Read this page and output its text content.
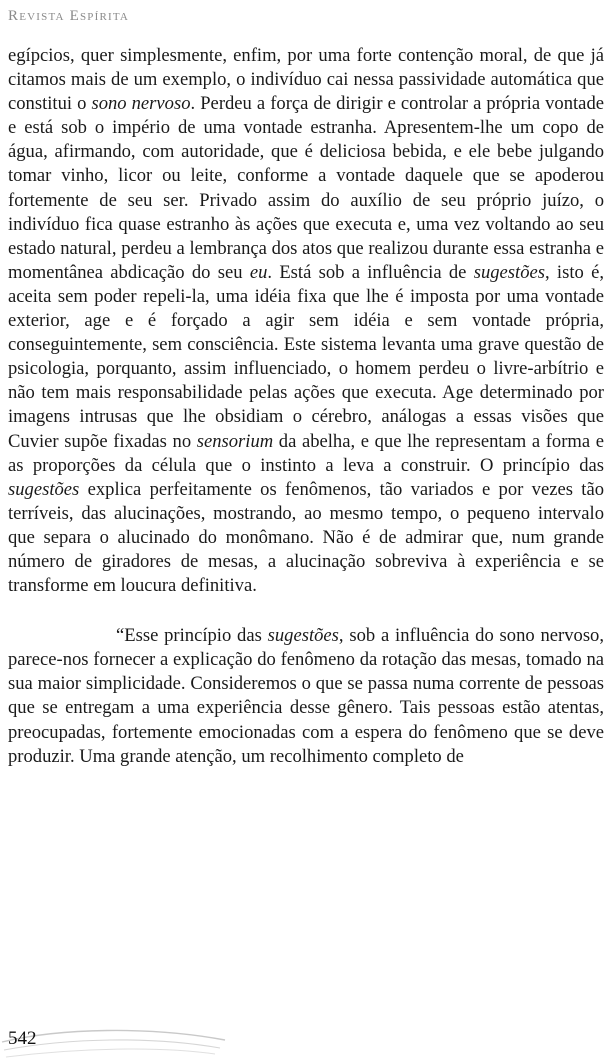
Revista Espírita

egípcios, quer simplesmente, enfim, por uma forte contenção moral, de que já citamos mais de um exemplo, o indivíduo cai nessa passividade automática que constitui o sono nervoso. Perdeu a força de dirigir e controlar a própria vontade e está sob o império de uma vontade estranha. Apresentem-lhe um copo de água, afirmando, com autoridade, que é deliciosa bebida, e ele bebe julgando tomar vinho, licor ou leite, conforme a vontade daquele que se apoderou fortemente de seu ser. Privado assim do auxílio de seu próprio juízo, o indivíduo fica quase estranho às ações que executa e, uma vez voltando ao seu estado natural, perdeu a lembrança dos atos que realizou durante essa estranha e momentânea abdicação do seu eu. Está sob a influência de sugestões, isto é, aceita sem poder repeli-la, uma idéia fixa que lhe é imposta por uma vontade exterior, age e é forçado a agir sem idéia e sem vontade própria, conseguintemente, sem consciência. Este sistema levanta uma grave questão de psicologia, porquanto, assim influenciado, o homem perdeu o livre-arbítrio e não tem mais responsabilidade pelas ações que executa. Age determinado por imagens intrusas que lhe obsidiam o cérebro, análogas a essas visões que Cuvier supõe fixadas no sensorium da abelha, e que lhe representam a forma e as proporções da célula que o instinto a leva a construir. O princípio das sugestões explica perfeitamente os fenômenos, tão variados e por vezes tão terríveis, das alucinações, mostrando, ao mesmo tempo, o pequeno intervalo que separa o alucinado do monômano. Não é de admirar que, num grande número de giradores de mesas, a alucinação sobreviva à experiência e se transforme em loucura definitiva.

“Esse princípio das sugestões, sob a influência do sono nervoso, parece-nos fornecer a explicação do fenômeno da rotação das mesas, tomado na sua maior simplicidade. Consideremos o que se passa numa corrente de pessoas que se entregam a uma experiência desse gênero. Tais pessoas estão atentas, preocupadas, fortemente emocionadas com a espera do fenômeno que se deve produzir. Uma grande atenção, um recolhimento completo de

542
